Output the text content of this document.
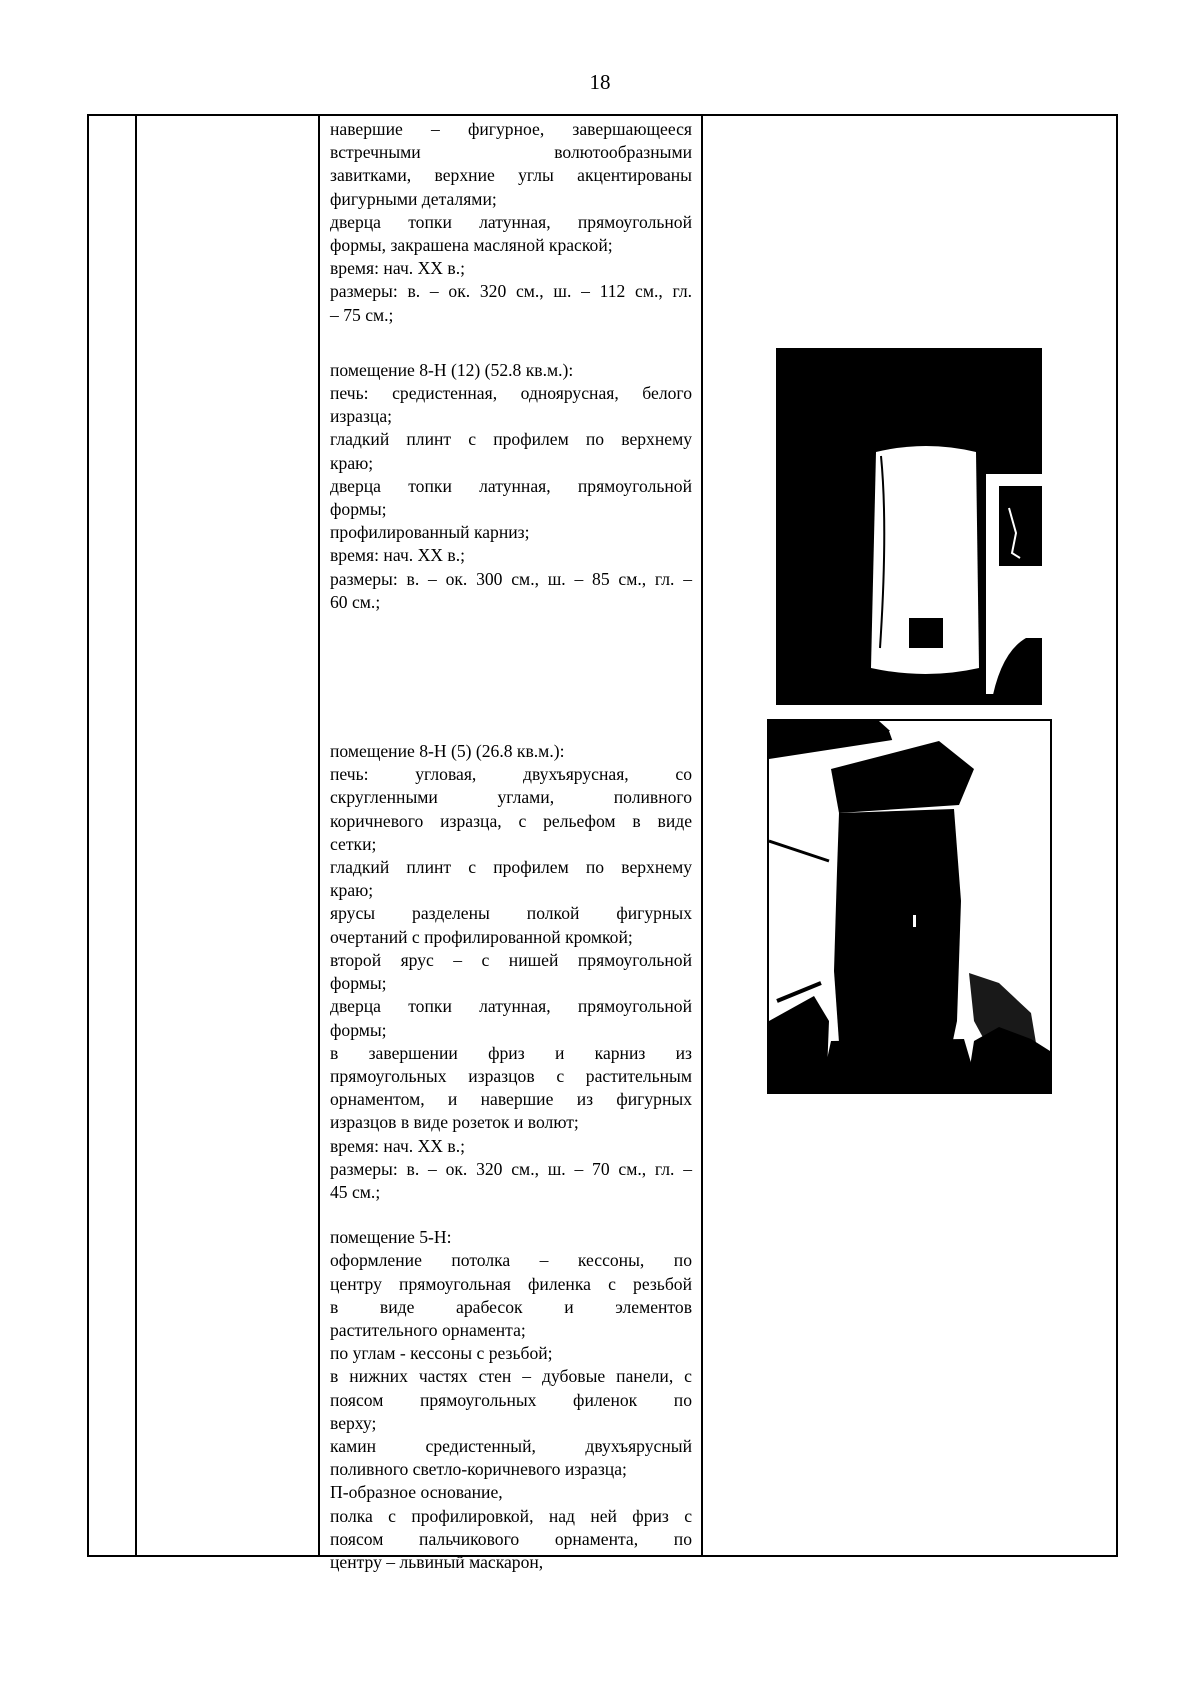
18

навершие – фигурное, завершающееся

встречными волютообразными

завитками, верхние углы акцентированы

фигурными деталями;

дверца топки латунная, прямоугольной

формы, закрашена масляной краской;

время: нач. XX в.;

размеры: в. – ок. 320 см., ш. – 112 см., гл.

– 75 см.;

помещение 8-Н (12) (52.8 кв.м.):

печь: средистенная, одноярусная, белого

изразца;

гладкий плинт с профилем по верхнему

краю;

дверца топки латунная, прямоугольной

формы;

профилированный карниз;

время: нач. XX в.;

размеры: в. – ок. 300 см., ш. – 85 см., гл. –

60 см.;

помещение 8-Н (5) (26.8 кв.м.):

печь: угловая, двухъярусная, со

скругленными углами, поливного

коричневого изразца, с рельефом в виде

сетки;

гладкий плинт с профилем по верхнему

краю;

ярусы разделены полкой фигурных

очертаний с профилированной кромкой;

второй ярус – с нишей прямоугольной

формы;

дверца топки латунная, прямоугольной

формы;

в завершении фриз и карниз из

прямоугольных изразцов с растительным

орнаментом, и навершие из фигурных

изразцов в виде розеток и волют;

время: нач. XX в.;

размеры: в. – ок. 320 см., ш. – 70 см., гл. –

45 см.;

помещение 5-Н:

оформление потолка – кессоны, по

центру прямоугольная филенка с резьбой

в виде арабесок и элементов

растительного орнамента;

по углам - кессоны с резьбой;

в нижних частях стен – дубовые панели, с

поясом прямоугольных филенок по

верху;

камин средистенный, двухъярусный

поливного светло-коричневого изразца;

П-образное основание,

полка с профилировкой, над ней фриз с

поясом пальчикового орнамента, по

центру – львиный маскарон,
